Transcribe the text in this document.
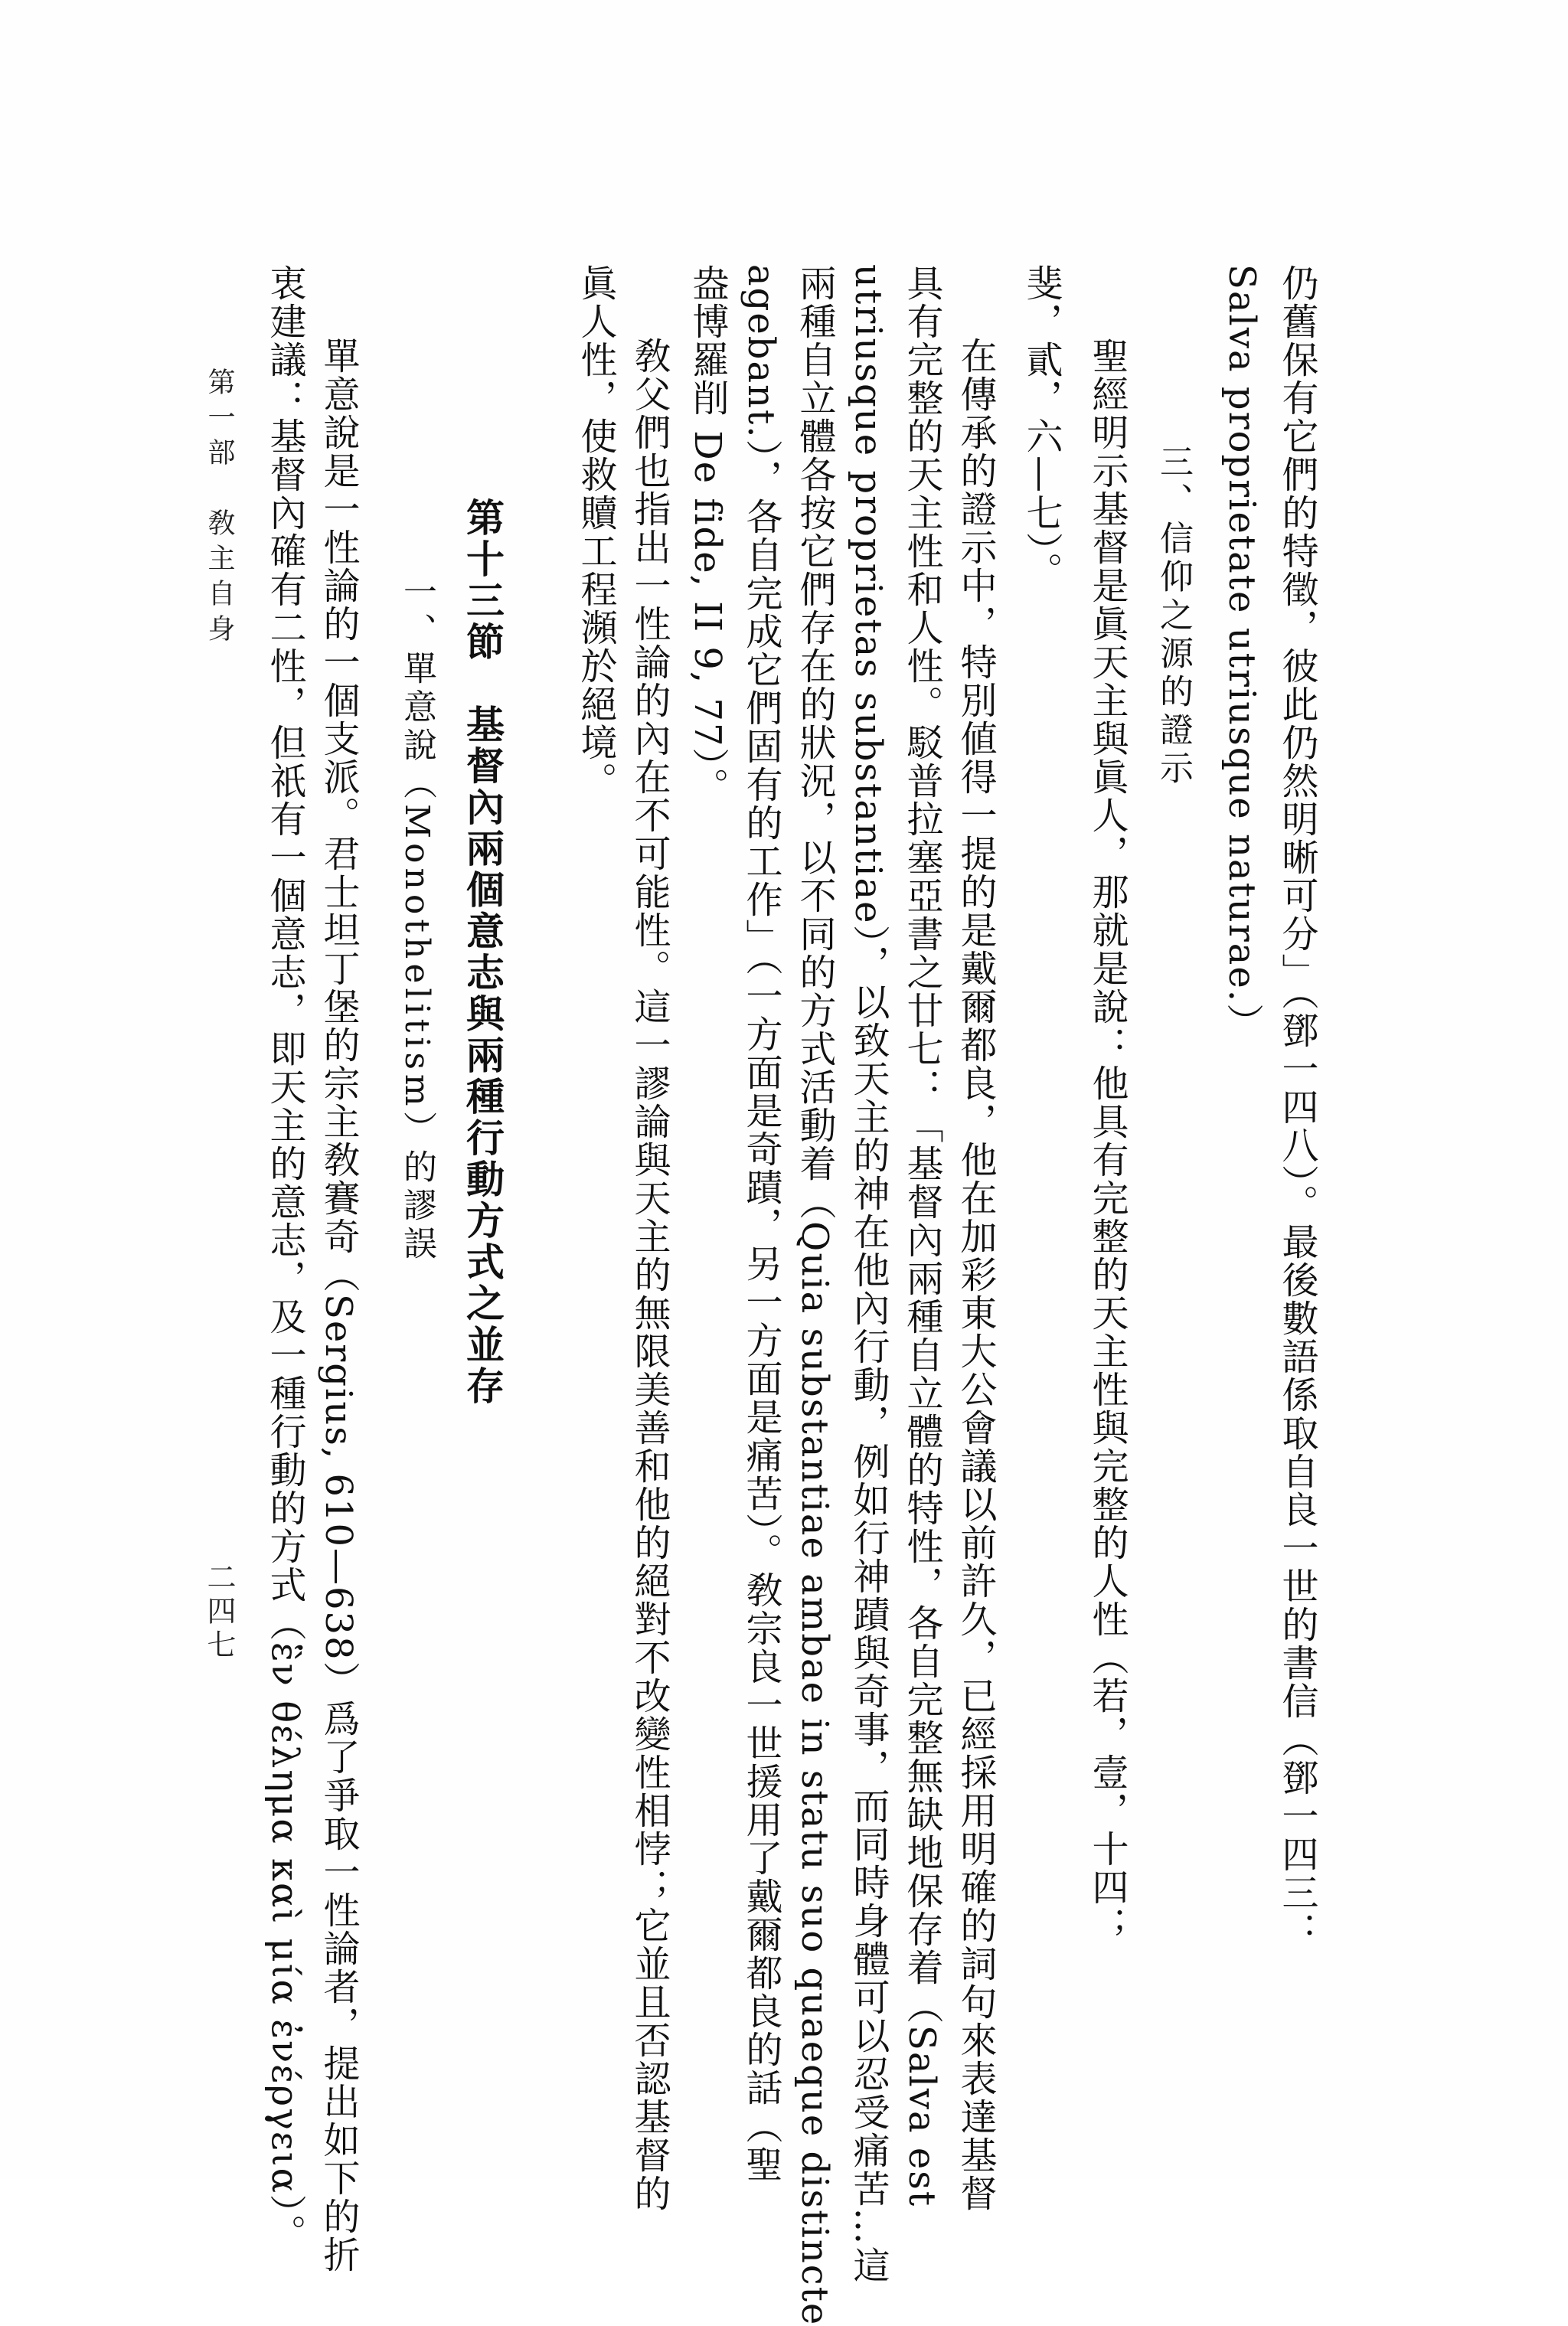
仍舊保有它們的特徵，彼此仍然明晰可分」（鄧一四八）。最後數語係取自良一世的書信（鄧一四三：
Salva proprietate utriusque naturae.）
聖經明示基督是眞天主與眞人，那就是說：他具有完整的天主性與完整的人性（若，壹，十四；
斐，貳，六—七）。
三、信仰之源的證示
在傳承的證示中，特別値得一提的是戴爾都良，他在加彩東大公會議以前許久，已經採用明確的詞句來表達基督
具有完整的天主性和人性。駁普拉塞亞書之廿七：「基督內兩種自立體的特性，各自完整無缺地保存着（Salva est
utriusque proprietas substantiae），以致天主的神在他內行動，例如行神蹟與奇事，而同時身體可以忍受痛苦…這
兩種自立體各按它們存在的狀況，以不同的方式活動着（Quia substantiae ambae in statu suo quaeque distincte
agebant.），各自完成它們固有的工作」（一方面是奇蹟，另一方面是痛苦）。敎宗良一世援用了戴爾都良的話（聖
盎博羅削 De fide, II 9, 77）。
敎父們也指出一性論的內在不可能性。這一謬論與天主的無限美善和他的絕對不改變性相悖；它並且否認基督的
眞人性，使救贖工程瀕於絕境。
第十三節　基督內兩個意志與兩種行動方式之並存
一、單意說（Monothelitism）的謬誤
單意說是一性論的一個支派。君士坦丁堡的宗主敎賽奇（Sergius, 610—638）爲了爭取一性論者，提出如下的折
衷建議：基督內確有二性，但祇有一個意志，即天主的意志，及一種行動的方式（ἓν θέλημα καὶ μία ἐνέργεια）。
第一部　敎主自身
二四七
